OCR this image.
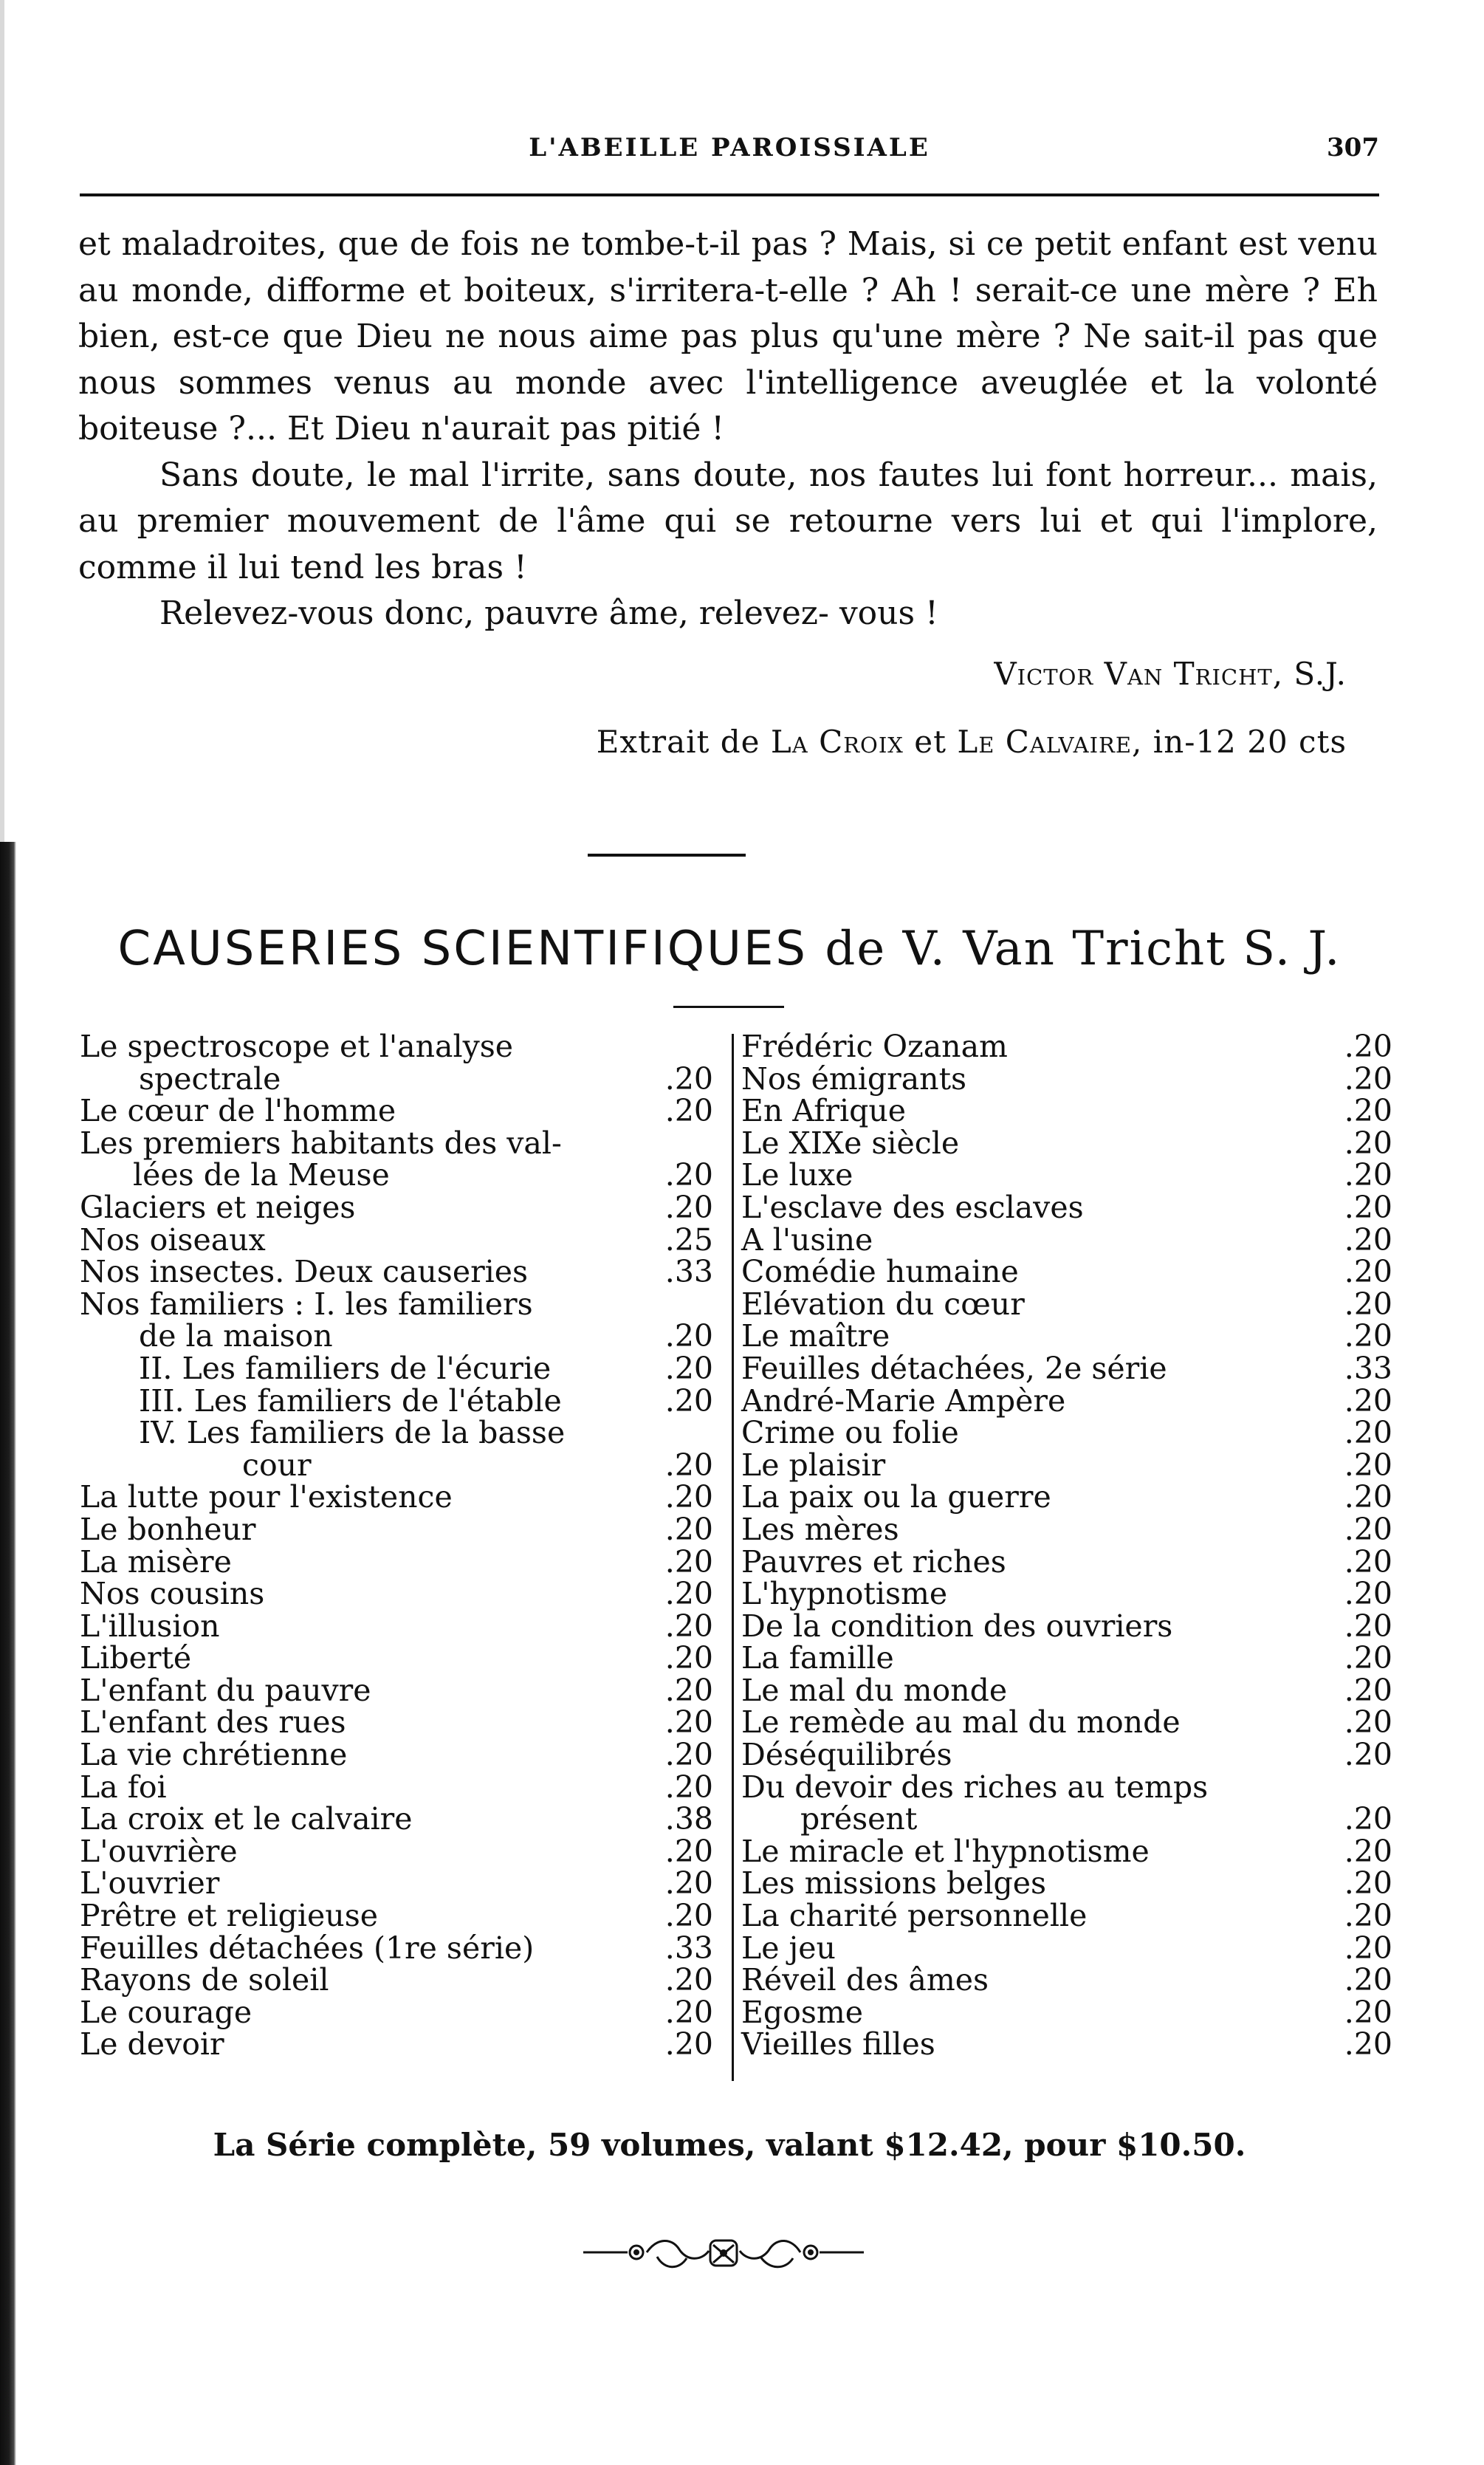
L'ABEILLE PAROISSIALE	307

et maladroites, que de fois ne tombe-t-il pas ? Mais, si ce petit enfant est venu au monde, difforme et boiteux, s'irritera-t-elle ? Ah ! serait-ce une mère ? Eh bien, est-ce que Dieu ne nous aime pas plus qu'une mère ? Ne sait-il pas que nous sommes venus au monde avec l'intelligence aveuglée et la volonté boiteuse ?... Et Dieu n'aurait pas pitié !

Sans doute, le mal l'irrite, sans doute, nos fautes lui font horreur... mais, au premier mouvement de l'âme qui se retourne vers lui et qui l'implore, comme il lui tend les bras !

Relevez-vous donc, pauvre âme, relevez- vous !

Victor Van Tricht, S.J.
Extrait de La Croix et Le Calvaire, in-12 20 cts
CAUSERIES SCIENTIFIQUES de V. Van Tricht S. J.
Le spectroscope et l'analyse
spectrale	.20
Le cœur de l'homme	.20
Les premiers habitants des val-
lées de la Meuse	.20
Glaciers et neiges	.20
Nos oiseaux	.25
Nos insectes. Deux causeries	.33
Nos familiers : I. les familiers
de la maison	.20
II. Les familiers de l'écurie	.20
III. Les familiers de l'étable	.20
IV. Les familiers de la basse
cour	.20
La lutte pour l'existence	.20
Le bonheur	.20
La misère	.20
Nos cousins	.20
L'illusion	.20
Liberté	.20
L'enfant du pauvre	.20
L'enfant des rues	.20
La vie chrétienne	.20
La foi	.20
La croix et le calvaire	.38
L'ouvrière	.20
L'ouvrier	.20
Prêtre et religieuse	.20
Feuilles détachées (1re série)	.33
Rayons de soleil	.20
Le courage	.20
Le devoir	.20
Frédéric Ozanam	.20
Nos émigrants	.20
En Afrique	.20
Le XIXe siècle	.20
Le luxe	.20
L'esclave des esclaves	.20
A l'usine	.20
Comédie humaine	.20
Elévation du cœur	.20
Le maître	.20
Feuilles détachées, 2e série	.33
André-Marie Ampère	.20
Crime ou folie	.20
Le plaisir	.20
La paix ou la guerre	.20
Les mères	.20
Pauvres et riches	.20
L'hypnotisme	.20
De la condition des ouvriers	.20
La famille	.20
Le mal du monde	.20
Le remède au mal du monde	.20
Déséquilibrés	.20
Du devoir des riches au temps
présent	.20
Le miracle et l'hypnotisme	.20
Les missions belges	.20
La charité personnelle	.20
Le jeu	.20
Réveil des âmes	.20
Egosme	.20
Vieilles filles	.20
La Série complète, 59 volumes, valant $12.42, pour $10.50.
